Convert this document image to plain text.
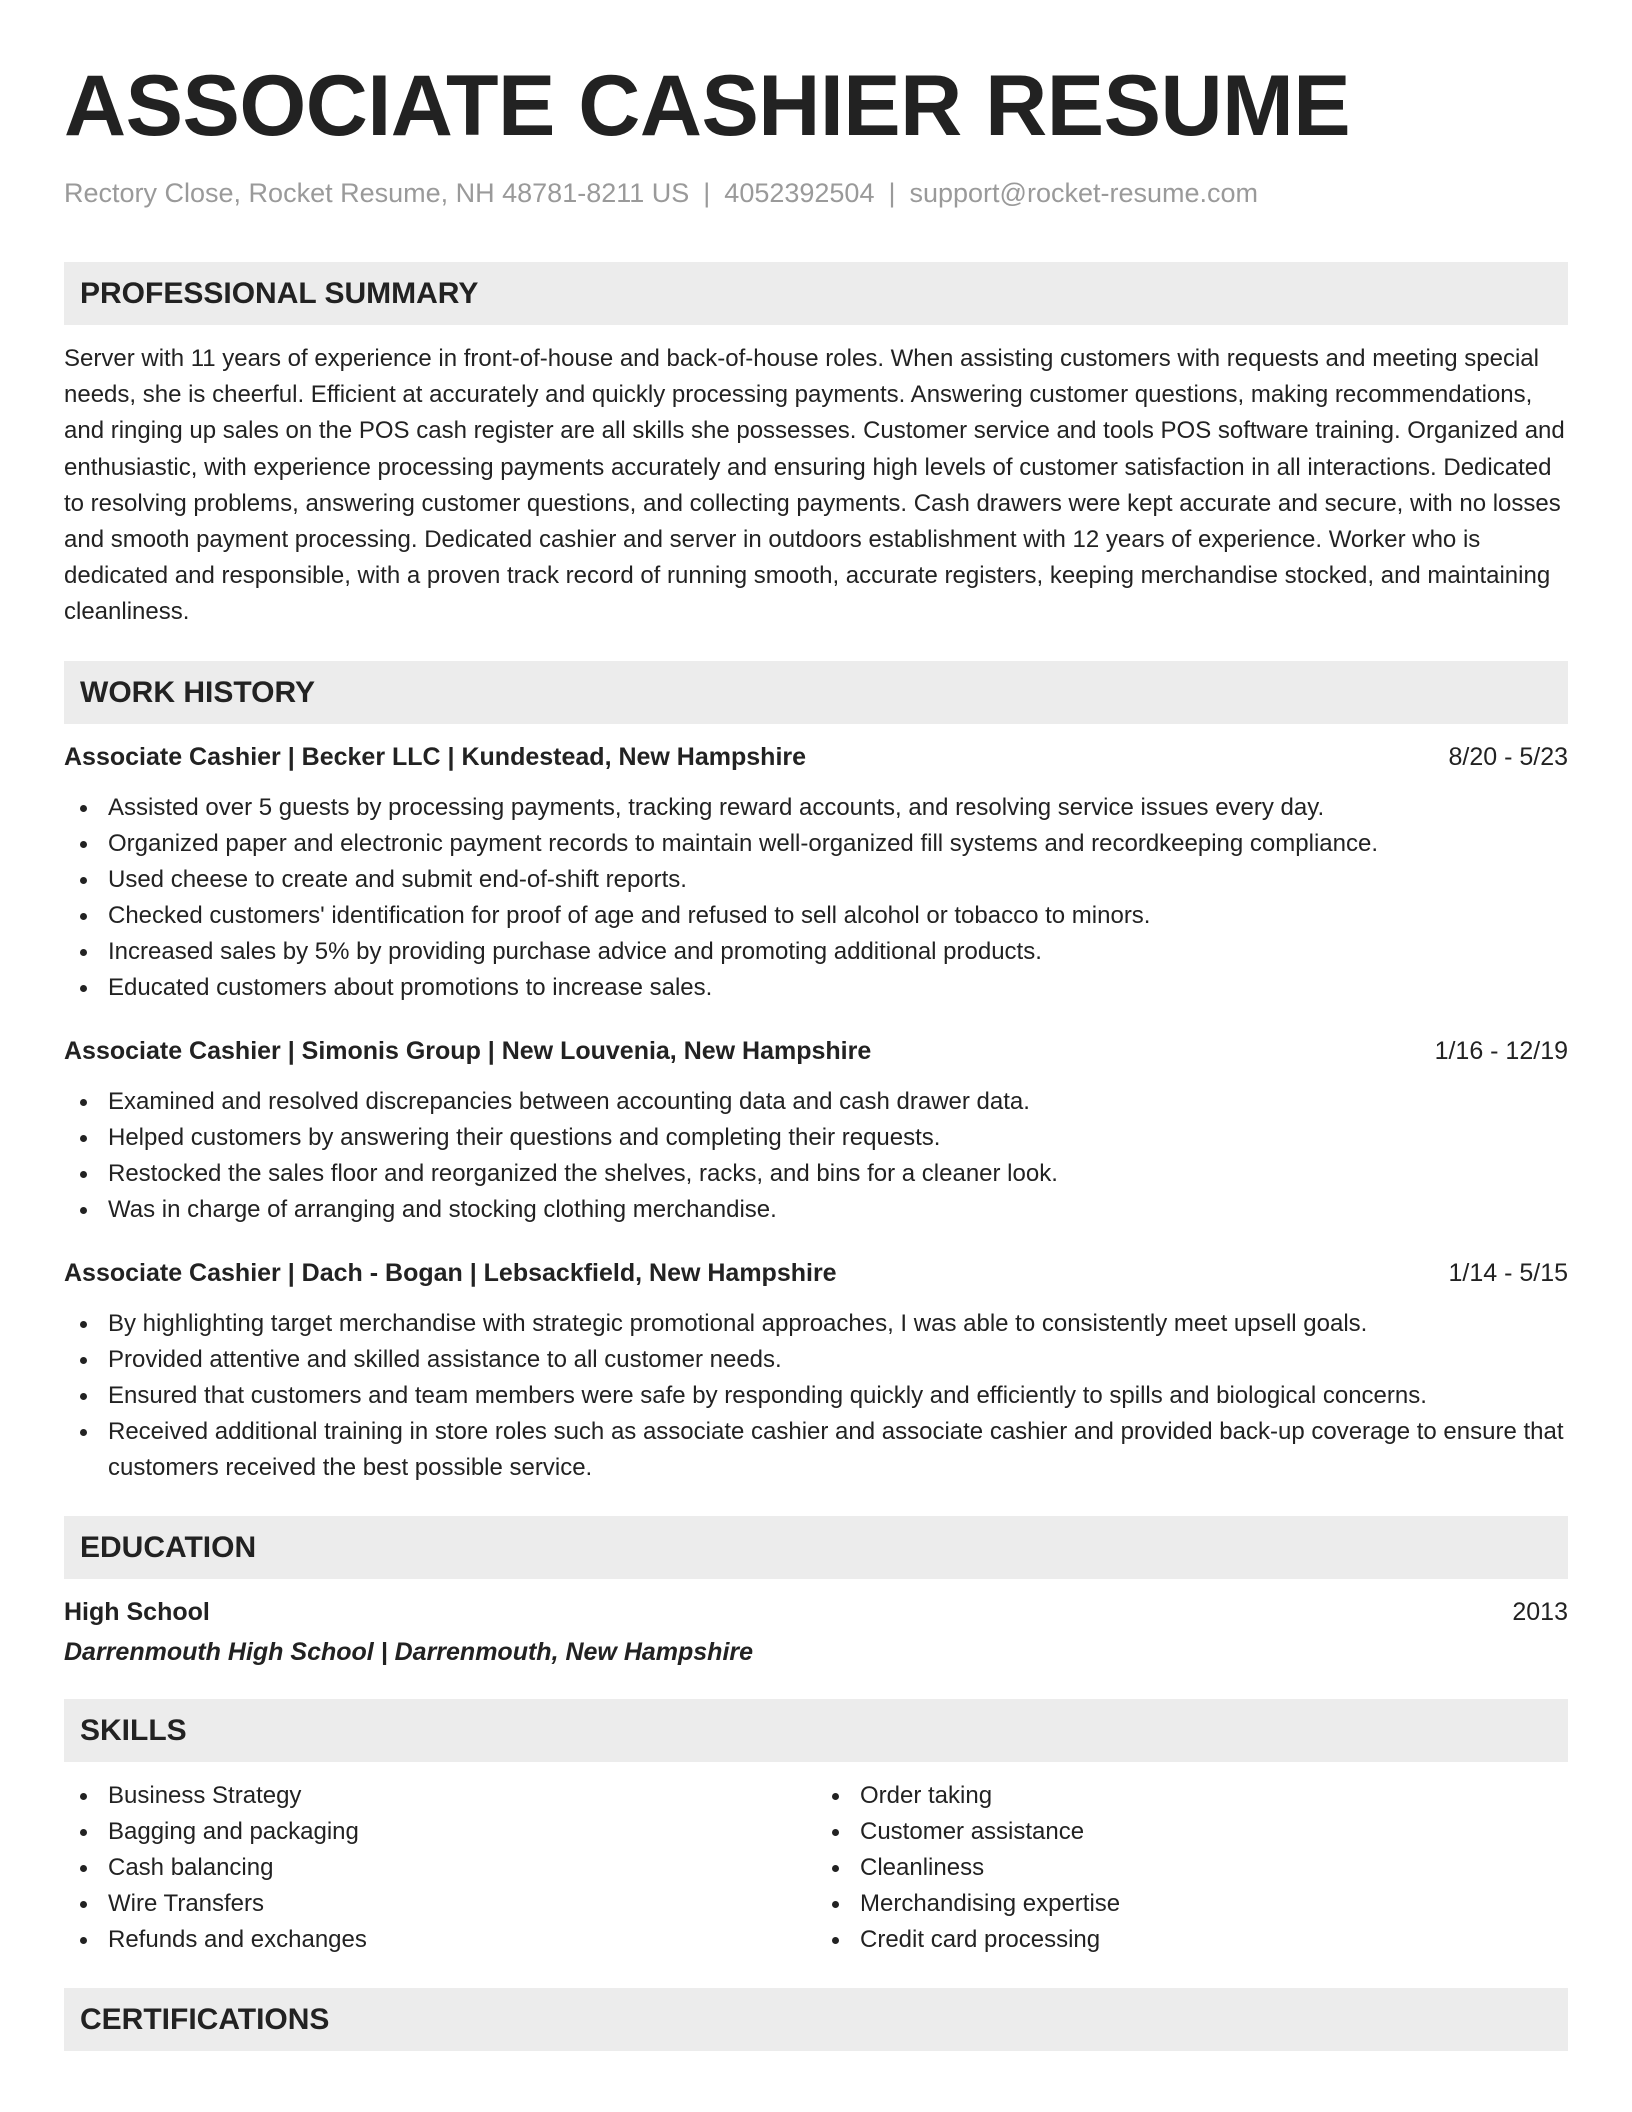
ASSOCIATE CASHIER RESUME
Rectory Close, Rocket Resume, NH 48781-8211 US | 4052392504 | support@rocket-resume.com
PROFESSIONAL SUMMARY
Server with 11 years of experience in front-of-house and back-of-house roles. When assisting customers with requests and meeting special needs, she is cheerful. Efficient at accurately and quickly processing payments. Answering customer questions, making recommendations, and ringing up sales on the POS cash register are all skills she possesses. Customer service and tools POS software training. Organized and enthusiastic, with experience processing payments accurately and ensuring high levels of customer satisfaction in all interactions. Dedicated to resolving problems, answering customer questions, and collecting payments. Cash drawers were kept accurate and secure, with no losses and smooth payment processing. Dedicated cashier and server in outdoors establishment with 12 years of experience. Worker who is dedicated and responsible, with a proven track record of running smooth, accurate registers, keeping merchandise stocked, and maintaining cleanliness.
WORK HISTORY
Associate Cashier | Becker LLC | Kundestead, New Hampshire	8/20 - 5/23
Assisted over 5 guests by processing payments, tracking reward accounts, and resolving service issues every day.
Organized paper and electronic payment records to maintain well-organized fill systems and recordkeeping compliance.
Used cheese to create and submit end-of-shift reports.
Checked customers' identification for proof of age and refused to sell alcohol or tobacco to minors.
Increased sales by 5% by providing purchase advice and promoting additional products.
Educated customers about promotions to increase sales.
Associate Cashier | Simonis Group | New Louvenia, New Hampshire	1/16 - 12/19
Examined and resolved discrepancies between accounting data and cash drawer data.
Helped customers by answering their questions and completing their requests.
Restocked the sales floor and reorganized the shelves, racks, and bins for a cleaner look.
Was in charge of arranging and stocking clothing merchandise.
Associate Cashier | Dach - Bogan | Lebsackfield, New Hampshire	1/14 - 5/15
By highlighting target merchandise with strategic promotional approaches, I was able to consistently meet upsell goals.
Provided attentive and skilled assistance to all customer needs.
Ensured that customers and team members were safe by responding quickly and efficiently to spills and biological concerns.
Received additional training in store roles such as associate cashier and associate cashier and provided back-up coverage to ensure that customers received the best possible service.
EDUCATION
High School	2013
Darrenmouth High School | Darrenmouth, New Hampshire
SKILLS
Business Strategy
Bagging and packaging
Cash balancing
Wire Transfers
Refunds and exchanges
Order taking
Customer assistance
Cleanliness
Merchandising expertise
Credit card processing
CERTIFICATIONS
